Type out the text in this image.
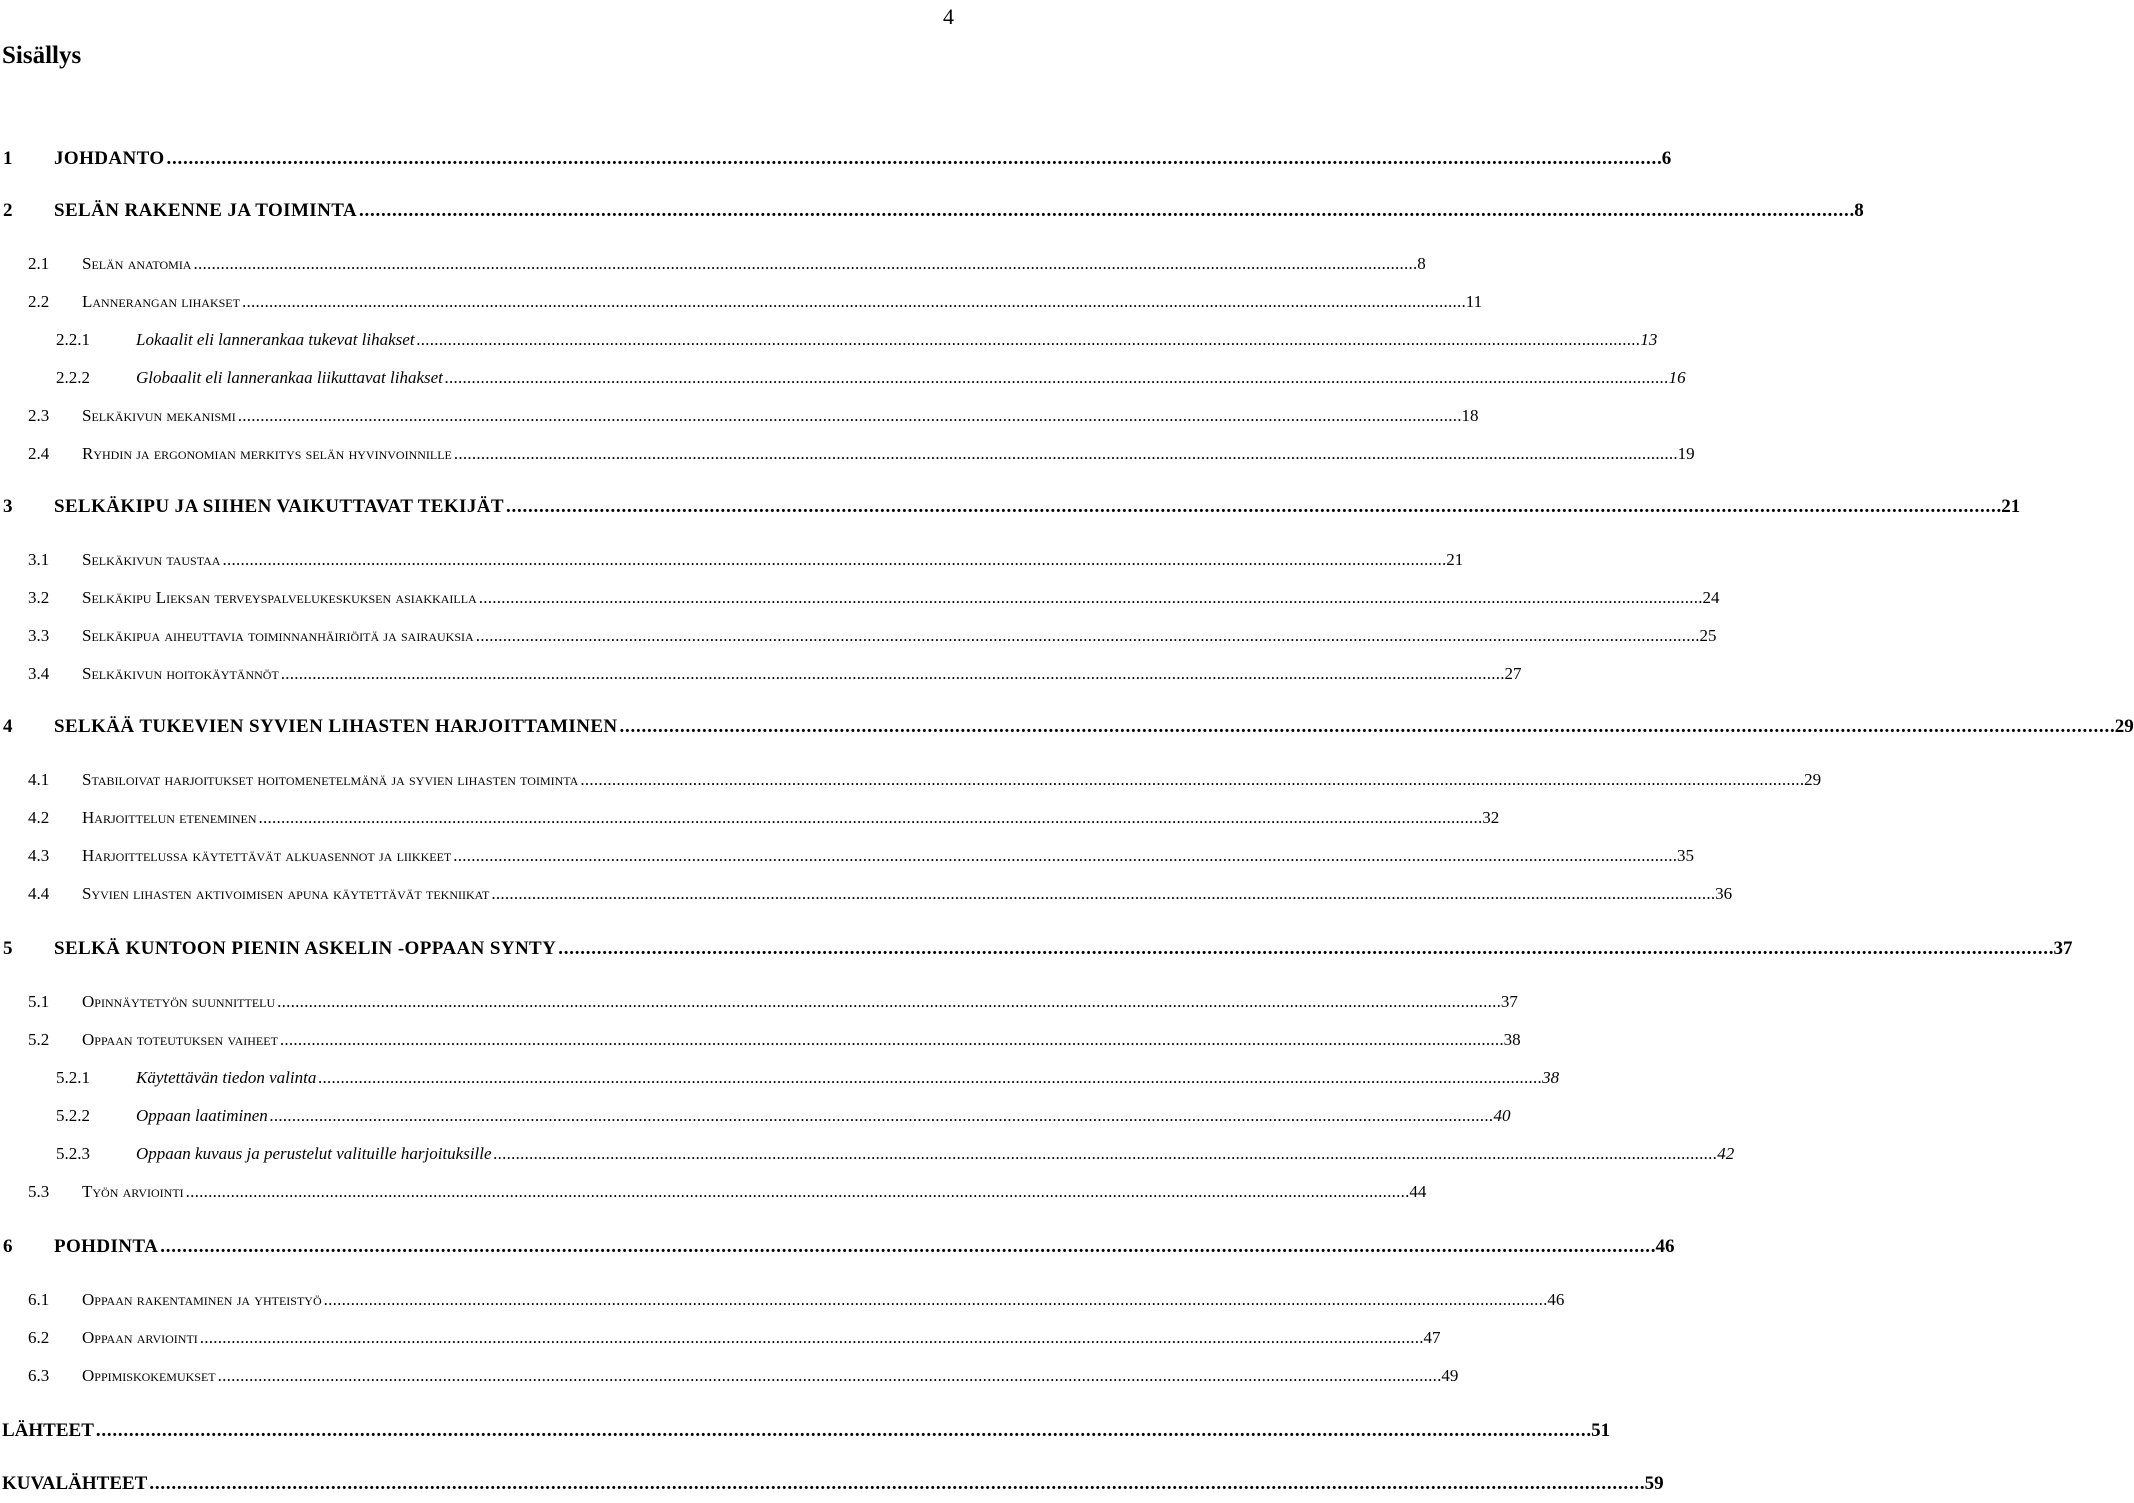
4
Sisällys
1 JOHDANTO . . .	6
2 SELÄN RAKENNE JA TOIMINTA . . .	8
2.1 Selän anatomia . . .	8
2.2 Lannerangan lihakset . . .	11
2.2.1	Lokaalit eli lannerankaa tukevat lihakset . . .	13
2.2.2	Globaalit eli lannerankaa liikuttavat lihakset . . .	16
2.3 Selkäkivun mekanismi . . .	18
2.4 Ryhdin ja ergonomian merkitys selän hyvinvoinnille . . .	19
3 SELKÄKIPU JA SIIHEN VAIKUTTAVAT TEKIJÄT . . .	21
3.1 Selkäkivun taustaa . . .	21
3.2 Selkäkipu Lieksan terveyspalvelukeskuksen asiakkailla . . .	24
3.3 Selkäkipua aiheuttavia toiminnanhäiriöitä ja sairauksia . . .	25
3.4 Selkäkivun hoitokäytännöt . . .	27
4 SELKÄÄ TUKEVIEN SYVIEN LIHASTEN HARJOITTAMINEN . . .	29
4.1 Stabiloivat harjoitukset hoitomenetelmänä ja syvien lihasten toiminta . . .	29
4.2 Harjoittelun eteneminen . . .	32
4.3 Harjoittelussa käytettävät alkuasennot ja liikkeet . . .	35
4.4 Syvien lihasten aktivoimisen apuna käytettävät tekniikat . . .	36
5 SELKÄ KUNTOON PIENIN ASKELIN -OPPAAN SYNTY . . .	37
5.1 Opinnäytetyön suunnittelu . . .	37
5.2 Oppaan toteutuksen vaiheet . . .	38
5.2.1	Käytettävän tiedon valinta . . .	38
5.2.2	Oppaan laatiminen . . .	40
5.2.3	Oppaan kuvaus ja perustelut valituille harjoituksille . . .	42
5.3 Työn arviointi . . .	44
6 POHDINTA . . .	46
6.1 Oppaan rakentaminen ja yhteistyö . . .	46
6.2 Oppaan arviointi . . .	47
6.3 Oppimiskokemukset . . .	49
LÄHTEET . . .	51
KUVALÄHTEET . . .	59
